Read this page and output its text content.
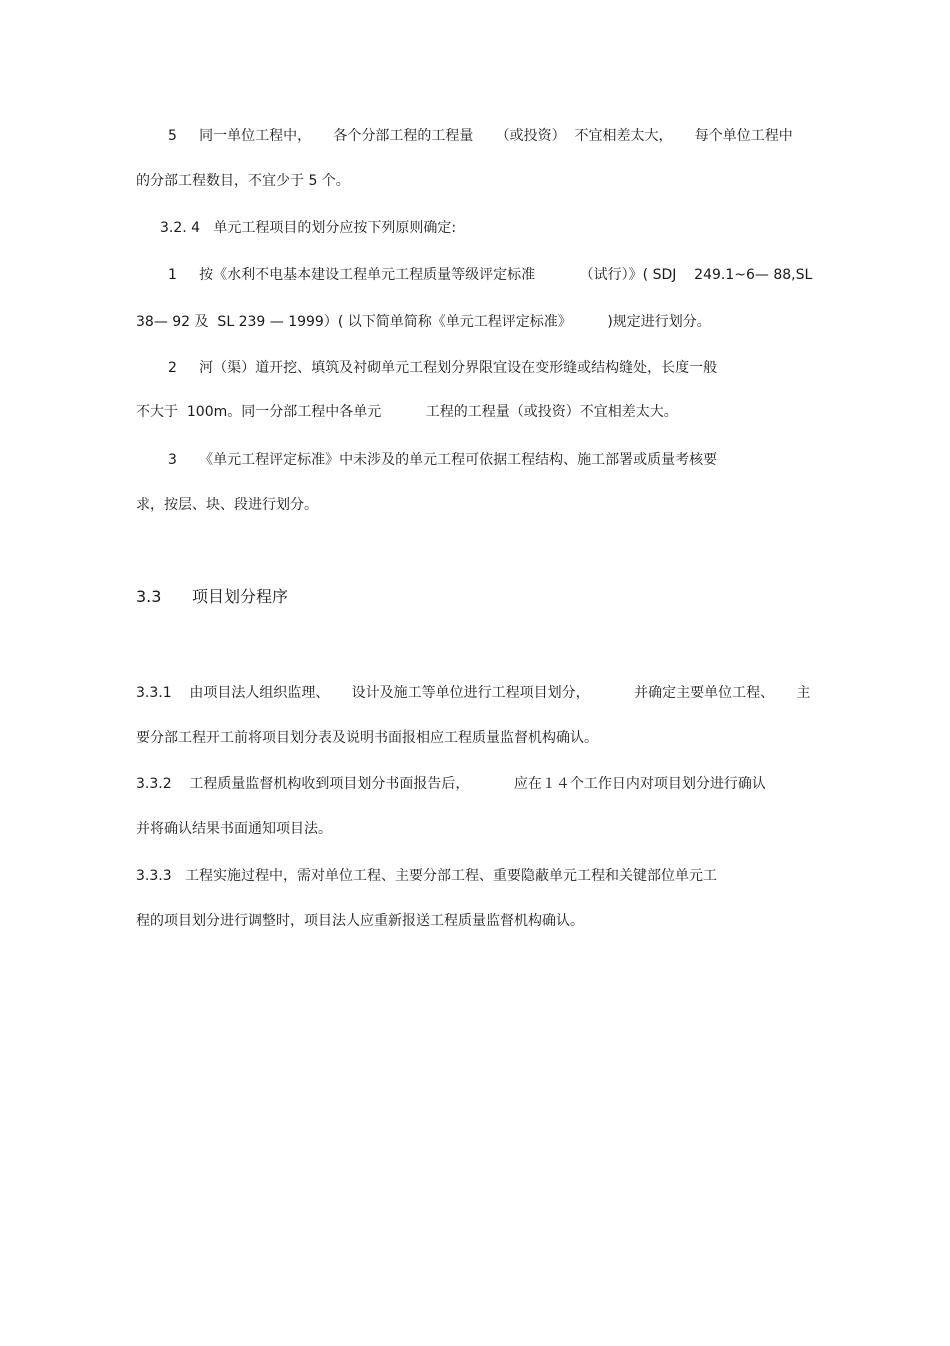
5     同一单位工程中，     各个分部工程的工程量     （或投资）  不宜相差太大，     每个单位工程中
的分部工程数目，不宜少于 5 个。
3.2. 4   单元工程项目的划分应按下列原则确定:
1     按《水利不电基本建设工程单元工程质量等级评定标准          （试行）》( SDJ    249.1~6— 88,SL
38— 92 及  SL 239 — 1999）( 以下简单简称《单元工程评定标准》        )规定进行划分。
2     河（渠）道开挖、填筑及衬砌单元工程划分界限宜设在变形缝或结构缝处，长度一般
不大于  100m。同一分部工程中各单元          工程的工程量（或投资）不宜相差太大。
3     《单元工程评定标准》中未涉及的单元工程可依据工程结构、施工部署或质量考核要
求，按层、块、段进行划分。
3.3      项目划分程序
3.3.1    由项目法人组织监理、     设计及施工等单位进行工程项目划分，          并确定主要单位工程、     主
要分部工程开工前将项目划分表及说明书面报相应工程质量监督机构确认。
3.3.2    工程质量监督机构收到项目划分书面报告后，          应在１４个工作日内对项目划分进行确认
并将确认结果书面通知项目法。
3.3.3   工程实施过程中，需对单位工程、主要分部工程、重要隐蔽单元工程和关键部位单元工
程的项目划分进行调整时，项目法人应重新报送工程质量监督机构确认。
